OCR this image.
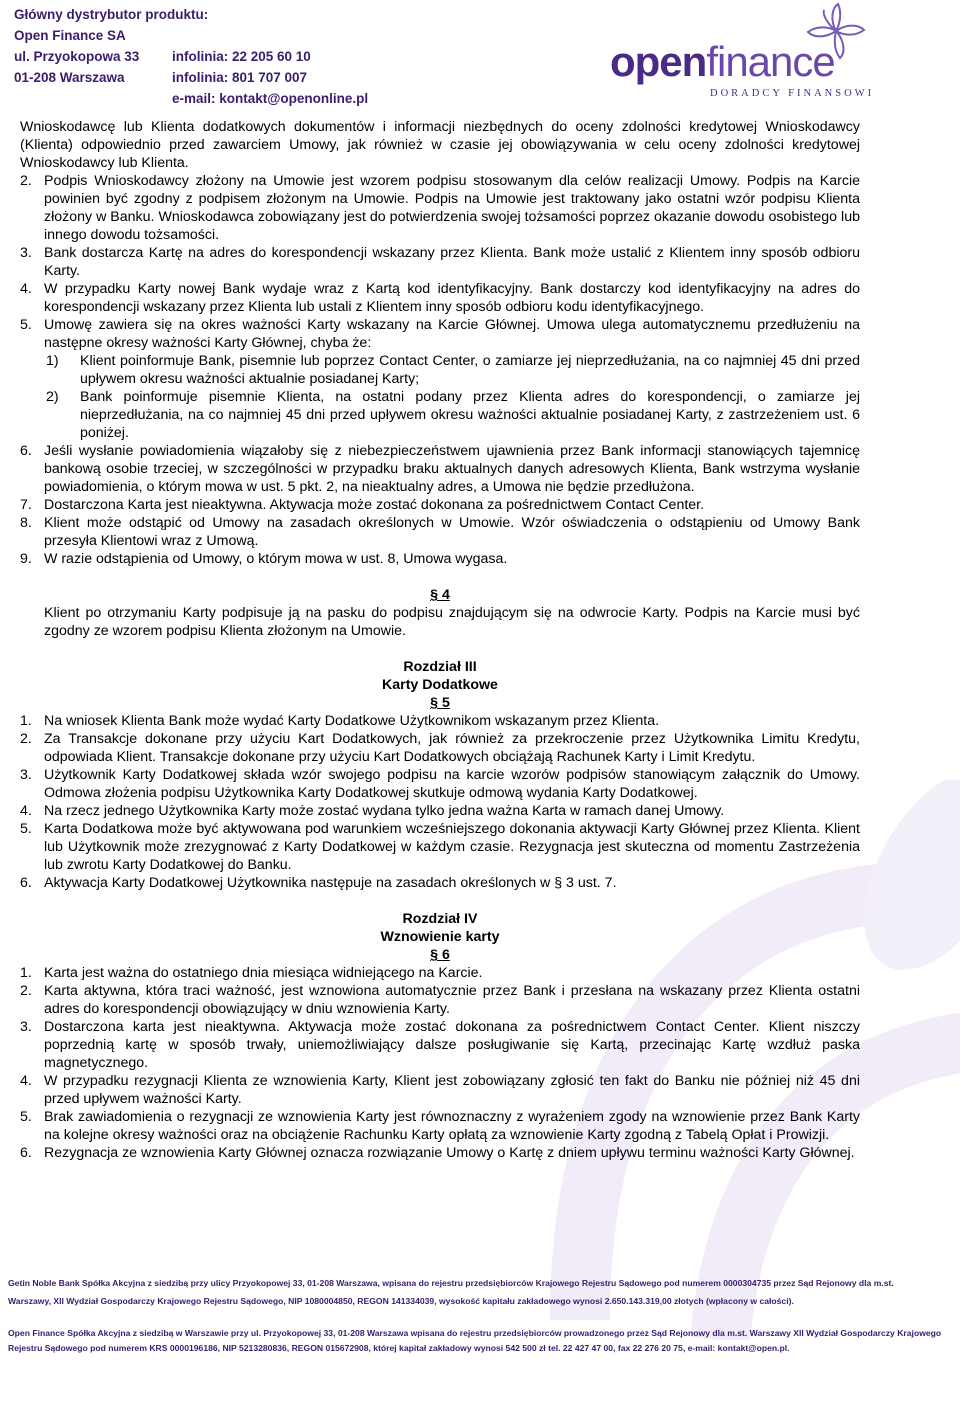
Główny dystrybutor produktu:
Open Finance SA
ul. Przyokopowa 33
01-208 Warszawa
infolinia: 22 205 60 10
infolinia: 801 707 007
e-mail: kontakt@openonline.pl
openfinance
DORADCY FINANSOWI

Wnioskodawcę lub Klienta dodatkowych dokumentów i informacji niezbędnych do oceny zdolności kredytowej Wnioskodawcy (Klienta) odpowiednio przed zawarciem Umowy, jak również w czasie jej obowiązywania w celu oceny zdolności kredytowej Wnioskodawcy lub Klienta.

2. Podpis Wnioskodawcy złożony na Umowie jest wzorem podpisu stosowanym dla celów realizacji Umowy. Podpis na Karcie powinien być zgodny z podpisem złożonym na Umowie. Podpis na Umowie jest traktowany jako ostatni wzór podpisu Klienta złożony w Banku. Wnioskodawca zobowiązany jest do potwierdzenia swojej tożsamości poprzez okazanie dowodu osobistego lub innego dowodu tożsamości.
3. Bank dostarcza Kartę na adres do korespondencji wskazany przez Klienta. Bank może ustalić z Klientem inny sposób odbioru Karty.
4. W przypadku Karty nowej Bank wydaje wraz z Kartą kod identyfikacyjny. Bank dostarczy kod identyfikacyjny na adres do korespondencji wskazany przez Klienta lub ustali z Klientem inny sposób odbioru kodu identyfikacyjnego.
5. Umowę zawiera się na okres ważności Karty wskazany na Karcie Głównej. Umowa ulega automatycznemu przedłużeniu na następne okresy ważności Karty Głównej, chyba że:
1) Klient poinformuje Bank, pisemnie lub poprzez Contact Center, o zamiarze jej nieprzedłużania, na co najmniej 45 dni przed upływem okresu ważności aktualnie posiadanej Karty;
2) Bank poinformuje pisemnie Klienta, na ostatni podany przez Klienta adres do korespondencji, o zamiarze jej nieprzedłużania, na co najmniej 45 dni przed upływem okresu ważności aktualnie posiadanej Karty, z zastrzeżeniem ust. 6 poniżej.
6. Jeśli wysłanie powiadomienia wiązałoby się z niebezpieczeństwem ujawnienia przez Bank informacji stanowiących tajemnicę bankową osobie trzeciej, w szczególności w przypadku braku aktualnych danych adresowych Klienta, Bank wstrzyma wysłanie powiadomienia, o którym mowa w ust. 5 pkt. 2, na nieaktualny adres, a Umowa nie będzie przedłużona.
7. Dostarczona Karta jest nieaktywna. Aktywacja może zostać dokonana za pośrednictwem Contact Center.
8. Klient może odstąpić od Umowy na zasadach określonych w Umowie. Wzór oświadczenia o odstąpieniu od Umowy Bank przesyła Klientowi wraz z Umową.
9. W razie odstąpienia od Umowy, o którym mowa w ust. 8, Umowa wygasa.
§ 4
Klient po otrzymaniu Karty podpisuje ją na pasku do podpisu znajdującym się na odwrocie Karty. Podpis na Karcie musi być zgodny ze wzorem podpisu Klienta złożonym na Umowie.
Rozdział III
Karty Dodatkowe
§ 5
1. Na wniosek Klienta Bank może wydać Karty Dodatkowe Użytkownikom wskazanym przez Klienta.
2. Za Transakcje dokonane przy użyciu Kart Dodatkowych, jak również za przekroczenie przez Użytkownika Limitu Kredytu, odpowiada Klient. Transakcje dokonane przy użyciu Kart Dodatkowych obciążają Rachunek Karty i Limit Kredytu.
3. Użytkownik Karty Dodatkowej składa wzór swojego podpisu na karcie wzorów podpisów stanowiącym załącznik do Umowy. Odmowa złożenia podpisu Użytkownika Karty Dodatkowej skutkuje odmową wydania Karty Dodatkowej.
4. Na rzecz jednego Użytkownika Karty może zostać wydana tylko jedna ważna Karta w ramach danej Umowy.
5. Karta Dodatkowa może być aktywowana pod warunkiem wcześniejszego dokonania aktywacji Karty Głównej przez Klienta. Klient lub Użytkownik może zrezygnować z Karty Dodatkowej w każdym czasie. Rezygnacja jest skuteczna od momentu Zastrzeżenia lub zwrotu Karty Dodatkowej do Banku.
6. Aktywacja Karty Dodatkowej Użytkownika następuje na zasadach określonych w § 3 ust. 7.
Rozdział IV
Wznowienie karty
§ 6
1. Karta jest ważna do ostatniego dnia miesiąca widniejącego na Karcie.
2. Karta aktywna, która traci ważność, jest wznowiona automatycznie przez Bank i przesłana na wskazany przez Klienta ostatni adres do korespondencji obowiązujący w dniu wznowienia Karty.
3. Dostarczona karta jest nieaktywna. Aktywacja może zostać dokonana za pośrednictwem Contact Center. Klient niszczy poprzednią kartę w sposób trwały, uniemożliwiający dalsze posługiwanie się Kartą, przecinając Kartę wzdłuż paska magnetycznego.
4. W przypadku rezygnacji Klienta ze wznowienia Karty, Klient jest zobowiązany zgłosić ten fakt do Banku nie później niż 45 dni przed upływem ważności Karty.
5. Brak zawiadomienia o rezygnacji ze wznowienia Karty jest równoznaczny z wyrażeniem zgody na wznowienie przez Bank Karty na kolejne okresy ważności oraz na obciążenie Rachunku Karty opłatą za wznowienie Karty zgodną z Tabelą Opłat i Prowizji.
6. Rezygnacja ze wznowienia Karty Głównej oznacza rozwiązanie Umowy o Kartę z dniem upływu terminu ważności Karty Głównej.
Getin Noble Bank Spółka Akcyjna z siedzibą przy ulicy Przyokopowej 33, 01-208 Warszawa, wpisana do rejestru przedsiębiorców Krajowego Rejestru Sądowego pod numerem 0000304735 przez Sąd Rejonowy dla m.st.
Warszawy, XII Wydział Gospodarczy Krajowego Rejestru Sądowego, NIP 1080004850, REGON 141334039, wysokość kapitału zakładowego wynosi 2.650.143.319,00 złotych (wpłacony w całości).
Open Finance Spółka Akcyjna z siedzibą w Warszawie przy ul. Przyokopowej 33, 01-208 Warszawa wpisana do rejestru przedsiębiorców prowadzonego przez Sąd Rejonowy dla m.st. Warszawy XII Wydział Gospodarczy Krajowego
Rejestru Sądowego pod numerem KRS 0000196186, NIP 5213280836, REGON 015672908, której kapitał zakładowy wynosi 542 500 zł tel. 22 427 47 00, fax 22 276 20 75, e-mail: kontakt@open.pl.
